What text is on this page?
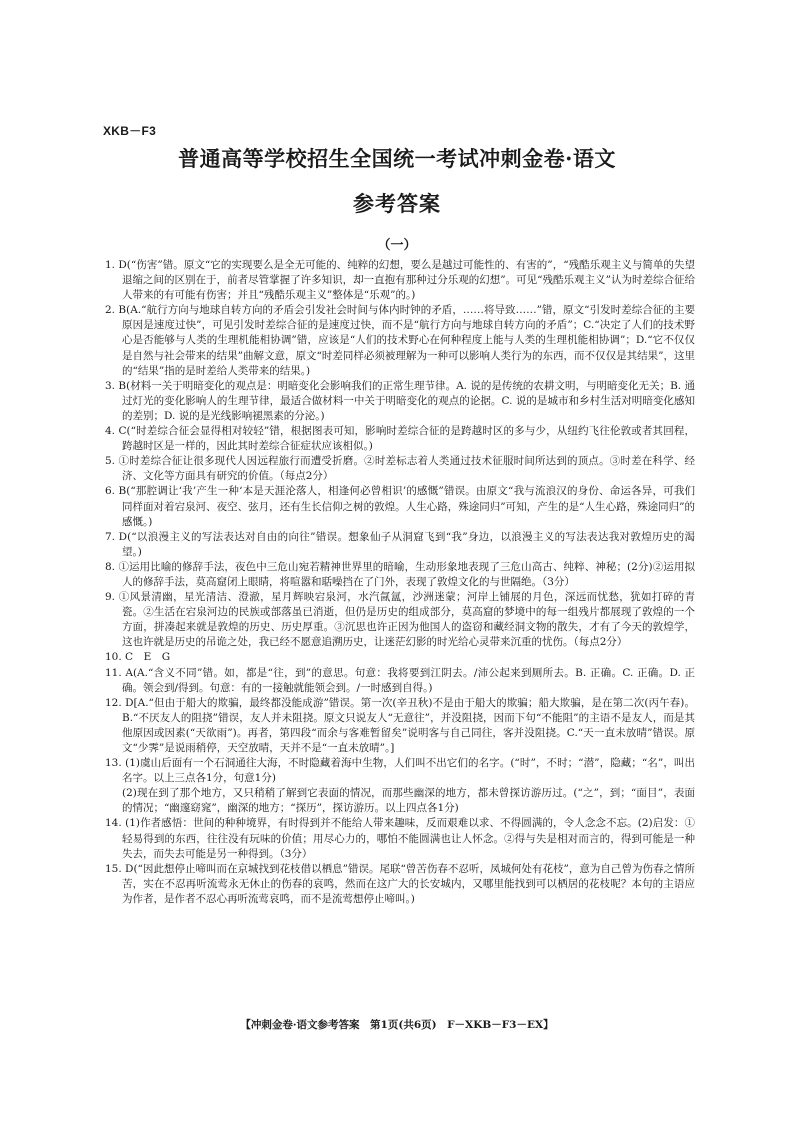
XKB－F3
普通高等学校招生全国统一考试冲刺金卷·语文
参考答案
（一）

1. D(“伤害”错。原文“它的实现要么是全无可能的、纯粹的幻想，要么是越过可能性的、有害的”，“残酷乐观主义与简单的失望退缩之间的区别在于，前者尽管掌握了许多知识，却一直抱有那种过分乐观的幻想”。可见“残酷乐观主义”认为时差综合征给人带来的有可能有伤害；并且“残酷乐观主义”整体是“乐观”的。)

2. B(A.“航行方向与地球自转方向的矛盾会引发社会时间与体内时钟的矛盾，……将导致……”错，原文“引发时差综合征的主要原因是速度过快”，可见引发时差综合征的是速度过快，而不是“航行方向与地球自转方向的矛盾”；C.“决定了人们的技术野心是否能够与人类的生理机能相协调”错，应该是“人们的技术野心在何种程度上能与人类的生理机能相协调”；D.“它不仅仅是自然与社会带来的结果”曲解文意，原文“时差同样必须被理解为一种可以影响人类行为的东西，而不仅仅是其结果”，这里的“结果”指的是时差给人类带来的结果。)

3. B(材料一关于明暗变化的观点是：明暗变化会影响我们的正常生理节律。A. 说的是传统的农耕文明，与明暗变化无关；B. 通过灯光的变化影响人的生理节律，最适合做材料一中关于明暗变化的观点的论据。C. 说的是城市和乡村生活对明暗变化感知的差别；D. 说的是光线影响褪黑素的分泌。)

4. C(“时差综合征会显得相对较轻”错，根据图表可知，影响时差综合征的是跨越时区的多与少，从纽约飞往伦敦或者其回程，跨越时区是一样的，因此其时差综合征症状应该相似。)

5. ①时差综合征让很多现代人因远程旅行而遭受折磨。②时差标志着人类通过技术征服时间所达到的顶点。③时差在科学、经济、文化等方面具有研究的价值。（每点2分）

6. B(“那腔调让‘我’产生一种‘本是天涯沦落人，相逢何必曾相识’的感慨”错误。由原文“我与流浪汉的身份、命运各异，可我们同样面对着宕泉河、夜空、弦月，还有生长信仰之树的敦煌。人生心路，殊途同归”可知，产生的是“人生心路，殊途同归”的感慨。)

7. D(“以浪漫主义的写法表达对自由的向往”错误。想象仙子从洞窟飞到“我”身边，以浪漫主义的写法表达我对敦煌历史的渴望。)

8. ①运用比喻的修辞手法，夜色中三危山宛若精神世界里的暗喻，生动形象地表现了三危山高古、纯粹、神秘；(2分)②运用拟人的修辞手法，莫高窟闭上眼睛，将喧嚣和聒噪挡在了门外，表现了敦煌文化的与世隔绝。（3分）

9. ①风景清幽，星光清洁、澄澈，星月辉映宕泉河，水汽氤氲，沙洲迷蒙；河岸上铺展的月色，深远而忧愁，犹如打碎的青瓷。②生活在宕泉河边的民族或部落虽已消逝，但仍是历史的组成部分，莫高窟的梦境中的每一组残片都展现了敦煌的一个方面，拼凑起来就是敦煌的历史、历史厚重。③沉思也许正因为他国人的盗窃和藏经洞文物的散失，才有了今天的敦煌学，这也许就是历史的吊诡之处，我已经不愿意追溯历史，让迷茫幻影的时光给心灵带来沉重的忧伤。（每点2分）

10. C　E　G

11. A(A.“含义不同”错。如，都是“往，到”的意思。句意：我将要到江阴去。/沛公起来到厕所去。B. 正确。C. 正确。D. 正确。领会到/得到。句意：有的一接触就能领会到。/一时感到自得。)

12. D[A.“但由于船大的欺骗，最终都没能成游”错误。第一次(辛丑秋)不是由于船大的欺骗；船大欺骗，是在第二次(丙午春)。B.“不厌友人的阻挠”错误，友人并未阻挠。原文只说友人“无意往”，并没阻挠，因而下句“不能阻”的主语不是友人，而是其他原因或因素(“天欲雨”)。再者，第四段“而余与客难暂留矣”说明客与自己同往，客并没阻挠。C.“天一直未放晴”错误。原文“少霁”是说雨稍停，天空放晴，天并不是“一直未放晴”。]

13. (1)虞山后面有一个石洞通往大海，不时隐藏着海中生物，人们叫不出它们的名字。(“时”，不时；“潜”，隐藏；“名”，叫出名字。以上三点各1分，句意1分)

(2)现在到了那个地方，又只稍稍了解到它表面的情况，而那些幽深的地方，都未曾探访游历过。(“之”，到；“面目”，表面的情况；“幽邃窈窕”，幽深的地方；“探历”，探访游历。以上四点各1分)

14. (1)作者感悟：世间的种种境界，有时得到并不能给人带来趣味，反而艰难以求、不得圆满的，令人念念不忘。(2)启发：①轻易得到的东西，往往没有玩味的价值；用尽心力的，哪怕不能圆满也让人怀念。②得与失是相对而言的，得到可能是一种失去，而失去可能是另一种得到。（3分）

15. D(“因此想停止啼叫而在京城找到花枝借以栖息”错误。尾联“曾苦伤春不忍听，凤城何处有花枝”，意为自己曾为伤春之情所苦，实在不忍再听流莺永无休止的伤春的哀鸣，然而在这广大的长安城内，又哪里能找到可以栖居的花枝呢？本句的主语应为作者，是作者不忍心再听流莺哀鸣，而不是流莺想停止啼叫。)

【冲刺金卷·语文参考答案　第1页(共6页)　F－XKB－F3－EX】
